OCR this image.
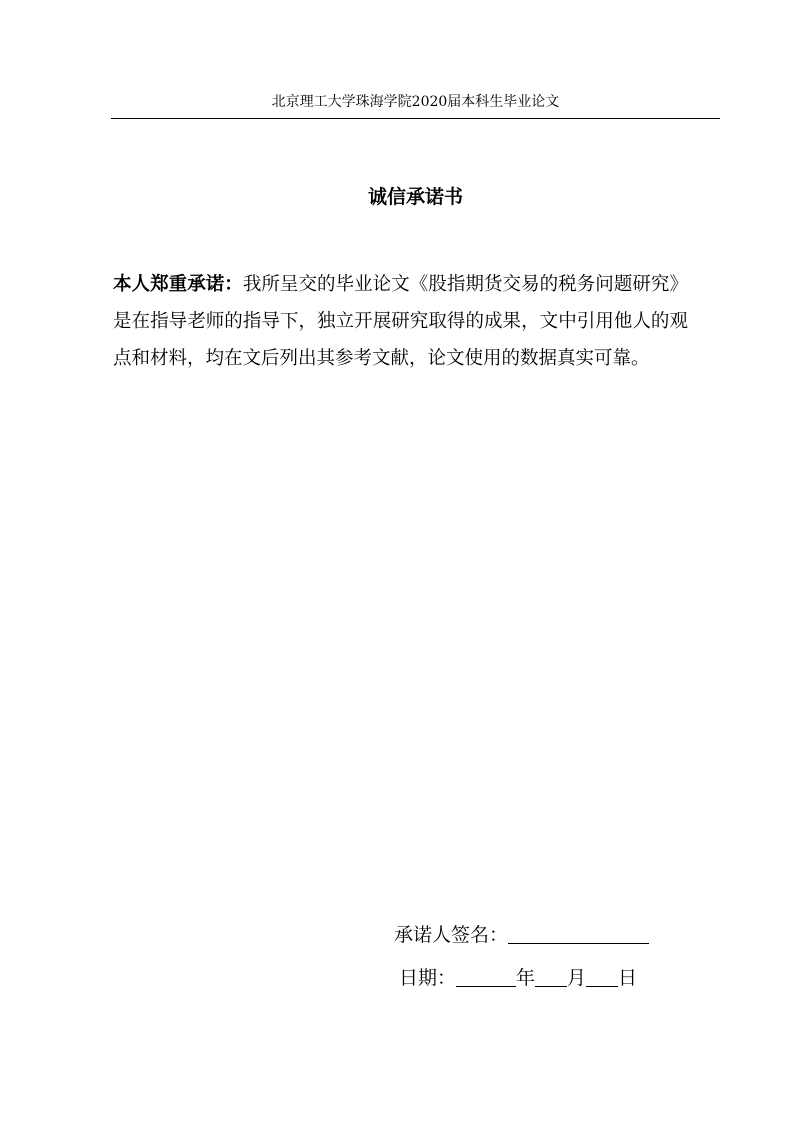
北京理工大学珠海学院2020届本科生毕业论文
诚信承诺书
本人郑重承诺：我所呈交的毕业论文《股指期货交易的税务问题研究》是在指导老师的指导下，独立开展研究取得的成果，文中引用他人的观点和材料，均在文后列出其参考文献，论文使用的数据真实可靠。
承诺人签名：
日期：	年 月 日
